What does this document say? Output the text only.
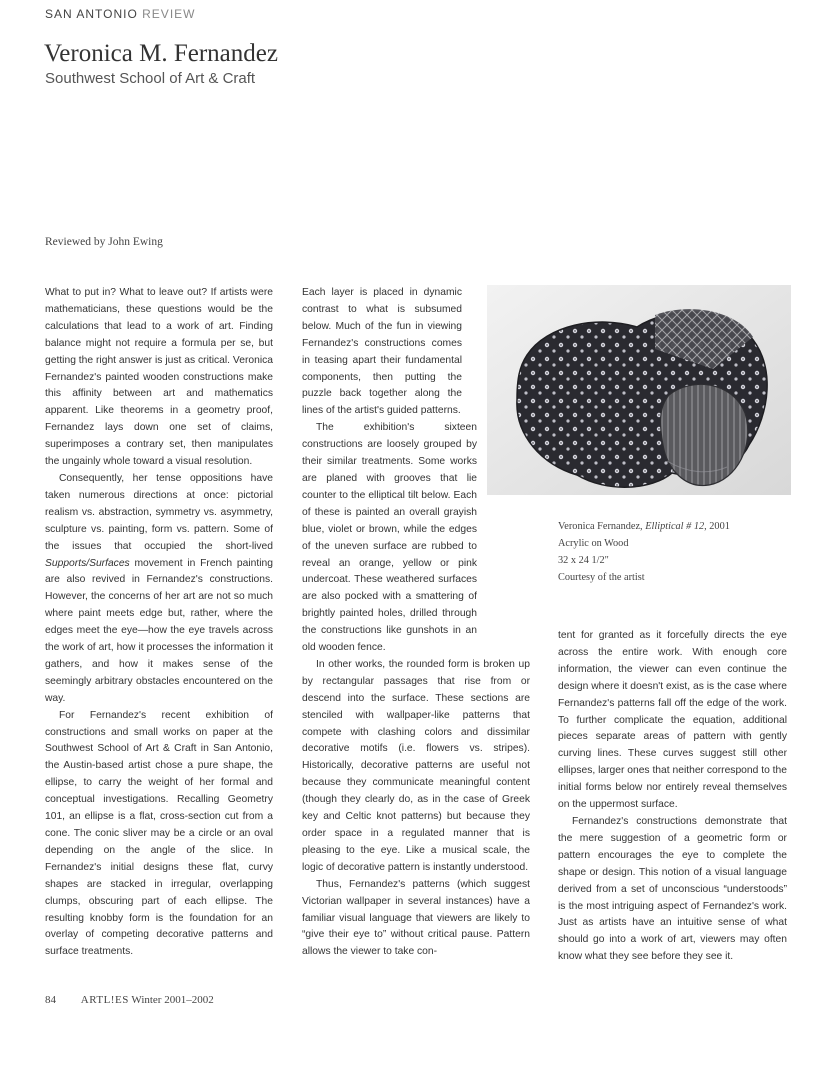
SAN ANTONIO REVIEW
Veronica M. Fernandez
Southwest School of Art & Craft
Reviewed by John Ewing

What to put in? What to leave out? If artists were mathematicians, these questions would be the calculations that lead to a work of art. Finding balance might not require a formula per se, but getting the right answer is just as critical. Veronica Fernandez's painted wooden constructions make this affinity between art and mathematics apparent. Like theorems in a geometry proof, Fernandez lays down one set of claims, superimposes a contrary set, then manipulates the ungainly whole toward a visual resolution.

Consequently, her tense oppositions have taken numerous directions at once: pictorial realism vs. abstraction, symmetry vs. asymmetry, sculpture vs. painting, form vs. pattern. Some of the issues that occupied the short-lived Supports/Surfaces movement in French painting are also revived in Fernandez's constructions. However, the concerns of her art are not so much where paint meets edge but, rather, where the edges meet the eye—how the eye travels across the work of art, how it processes the information it gathers, and how it makes sense of the seemingly arbitrary obstacles encountered on the way.

For Fernandez's recent exhibition of constructions and small works on paper at the Southwest School of Art & Craft in San Antonio, the Austin-based artist chose a pure shape, the ellipse, to carry the weight of her formal and conceptual investigations. Recalling Geometry 101, an ellipse is a flat, cross-section cut from a cone. The conic sliver may be a circle or an oval depending on the angle of the slice. In Fernandez's initial designs these flat, curvy shapes are stacked in irregular, overlapping clumps, obscuring part of each ellipse. The resulting knobby form is the foundation for an overlay of competing decorative patterns and surface treatments.

Each layer is placed in dynamic contrast to what is subsumed below. Much of the fun in viewing Fernandez's constructions comes in teasing apart their fundamental components, then putting the puzzle back together along the lines of the artist's guided patterns.

The exhibition's sixteen constructions are loosely grouped by their similar treatments. Some works are planed with grooves that lie counter to the elliptical tilt below. Each of these is painted an overall grayish blue, violet or brown, while the edges of the uneven surface are rubbed to reveal an orange, yellow or pink undercoat. These weathered surfaces are also pocked with a smattering of brightly painted holes, drilled through the constructions like gunshots in an old wooden fence.

In other works, the rounded form is broken up by rectangular passages that rise from or descend into the surface. These sections are stenciled with wallpaper-like patterns that compete with clashing colors and dissimilar decorative motifs (i.e. flowers vs. stripes). Historically, decorative patterns are useful not because they communicate meaningful content (though they clearly do, as in the case of Greek key and Celtic knot patterns) but because they order space in a regulated manner that is pleasing to the eye. Like a musical scale, the logic of decorative pattern is instantly understood.

Thus, Fernandez's patterns (which suggest Victorian wallpaper in several instances) have a familiar visual language that viewers are likely to “give their eye to” without critical pause. Pattern allows the viewer to take con-

Veronica Fernandez, Elliptical # 12, 2001
Acrylic on Wood
32 x 24 1/2"
Courtesy of the artist

tent for granted as it forcefully directs the eye across the entire work. With enough core information, the viewer can even continue the design where it doesn't exist, as is the case where Fernandez's patterns fall off the edge of the work. To further complicate the equation, additional pieces separate areas of pattern with gently curving lines. These curves suggest still other ellipses, larger ones that neither correspond to the initial forms below nor entirely reveal themselves on the uppermost surface.

Fernandez's constructions demonstrate that the mere suggestion of a geometric form or pattern encourages the eye to complete the shape or design. This notion of a visual language derived from a set of unconscious “understoods” is the most intriguing aspect of Fernandez's work. Just as artists have an intuitive sense of what should go into a work of art, viewers may often know what they see before they see it.

84 ARTL!ES Winter 2001–2002
